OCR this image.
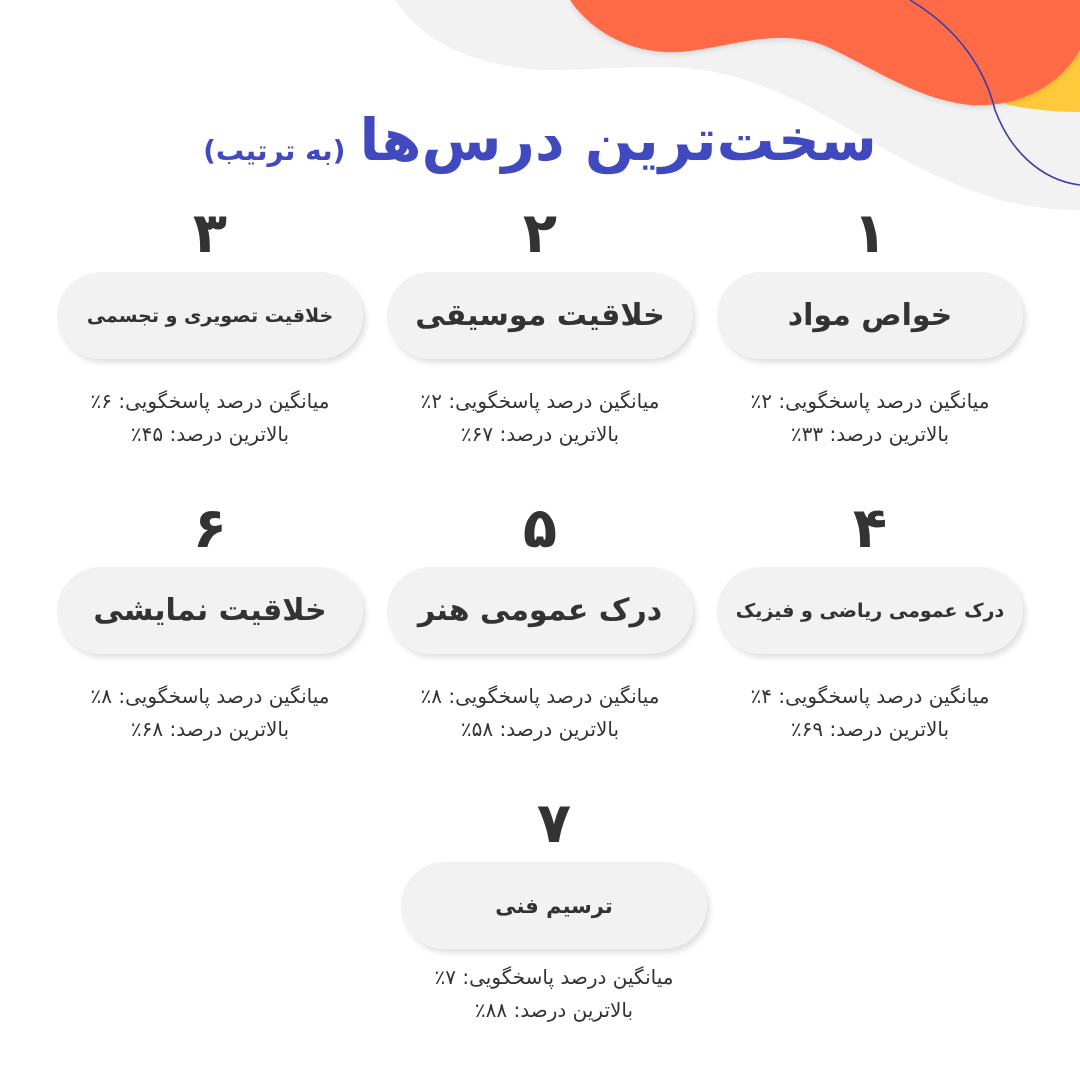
سخت‌ترین درس‌ها
(به ترتیب)
۱
خواص مواد
میانگین درصد پاسخگویی: ۲٪
بالاترین درصد: ۳۳٪
۲
خلاقیت موسیقی
میانگین درصد پاسخگویی: ۲٪
بالاترین درصد: ۶۷٪
۳
خلاقیت تصویری و تجسمی
میانگین درصد پاسخگویی: ۶٪
بالاترین درصد: ۴۵٪
۴
درک عمومی ریاضی و فیزیک
میانگین درصد پاسخگویی: ۴٪
بالاترین درصد: ۶۹٪
۵
درک عمومی هنر
میانگین درصد پاسخگویی: ۸٪
بالاترین درصد: ۵۸٪
۶
خلاقیت نمایشی
میانگین درصد پاسخگویی: ۸٪
بالاترین درصد: ۶۸٪
۷
ترسیم فنی
میانگین درصد پاسخگویی: ۷٪
بالاترین درصد: ۸۸٪
